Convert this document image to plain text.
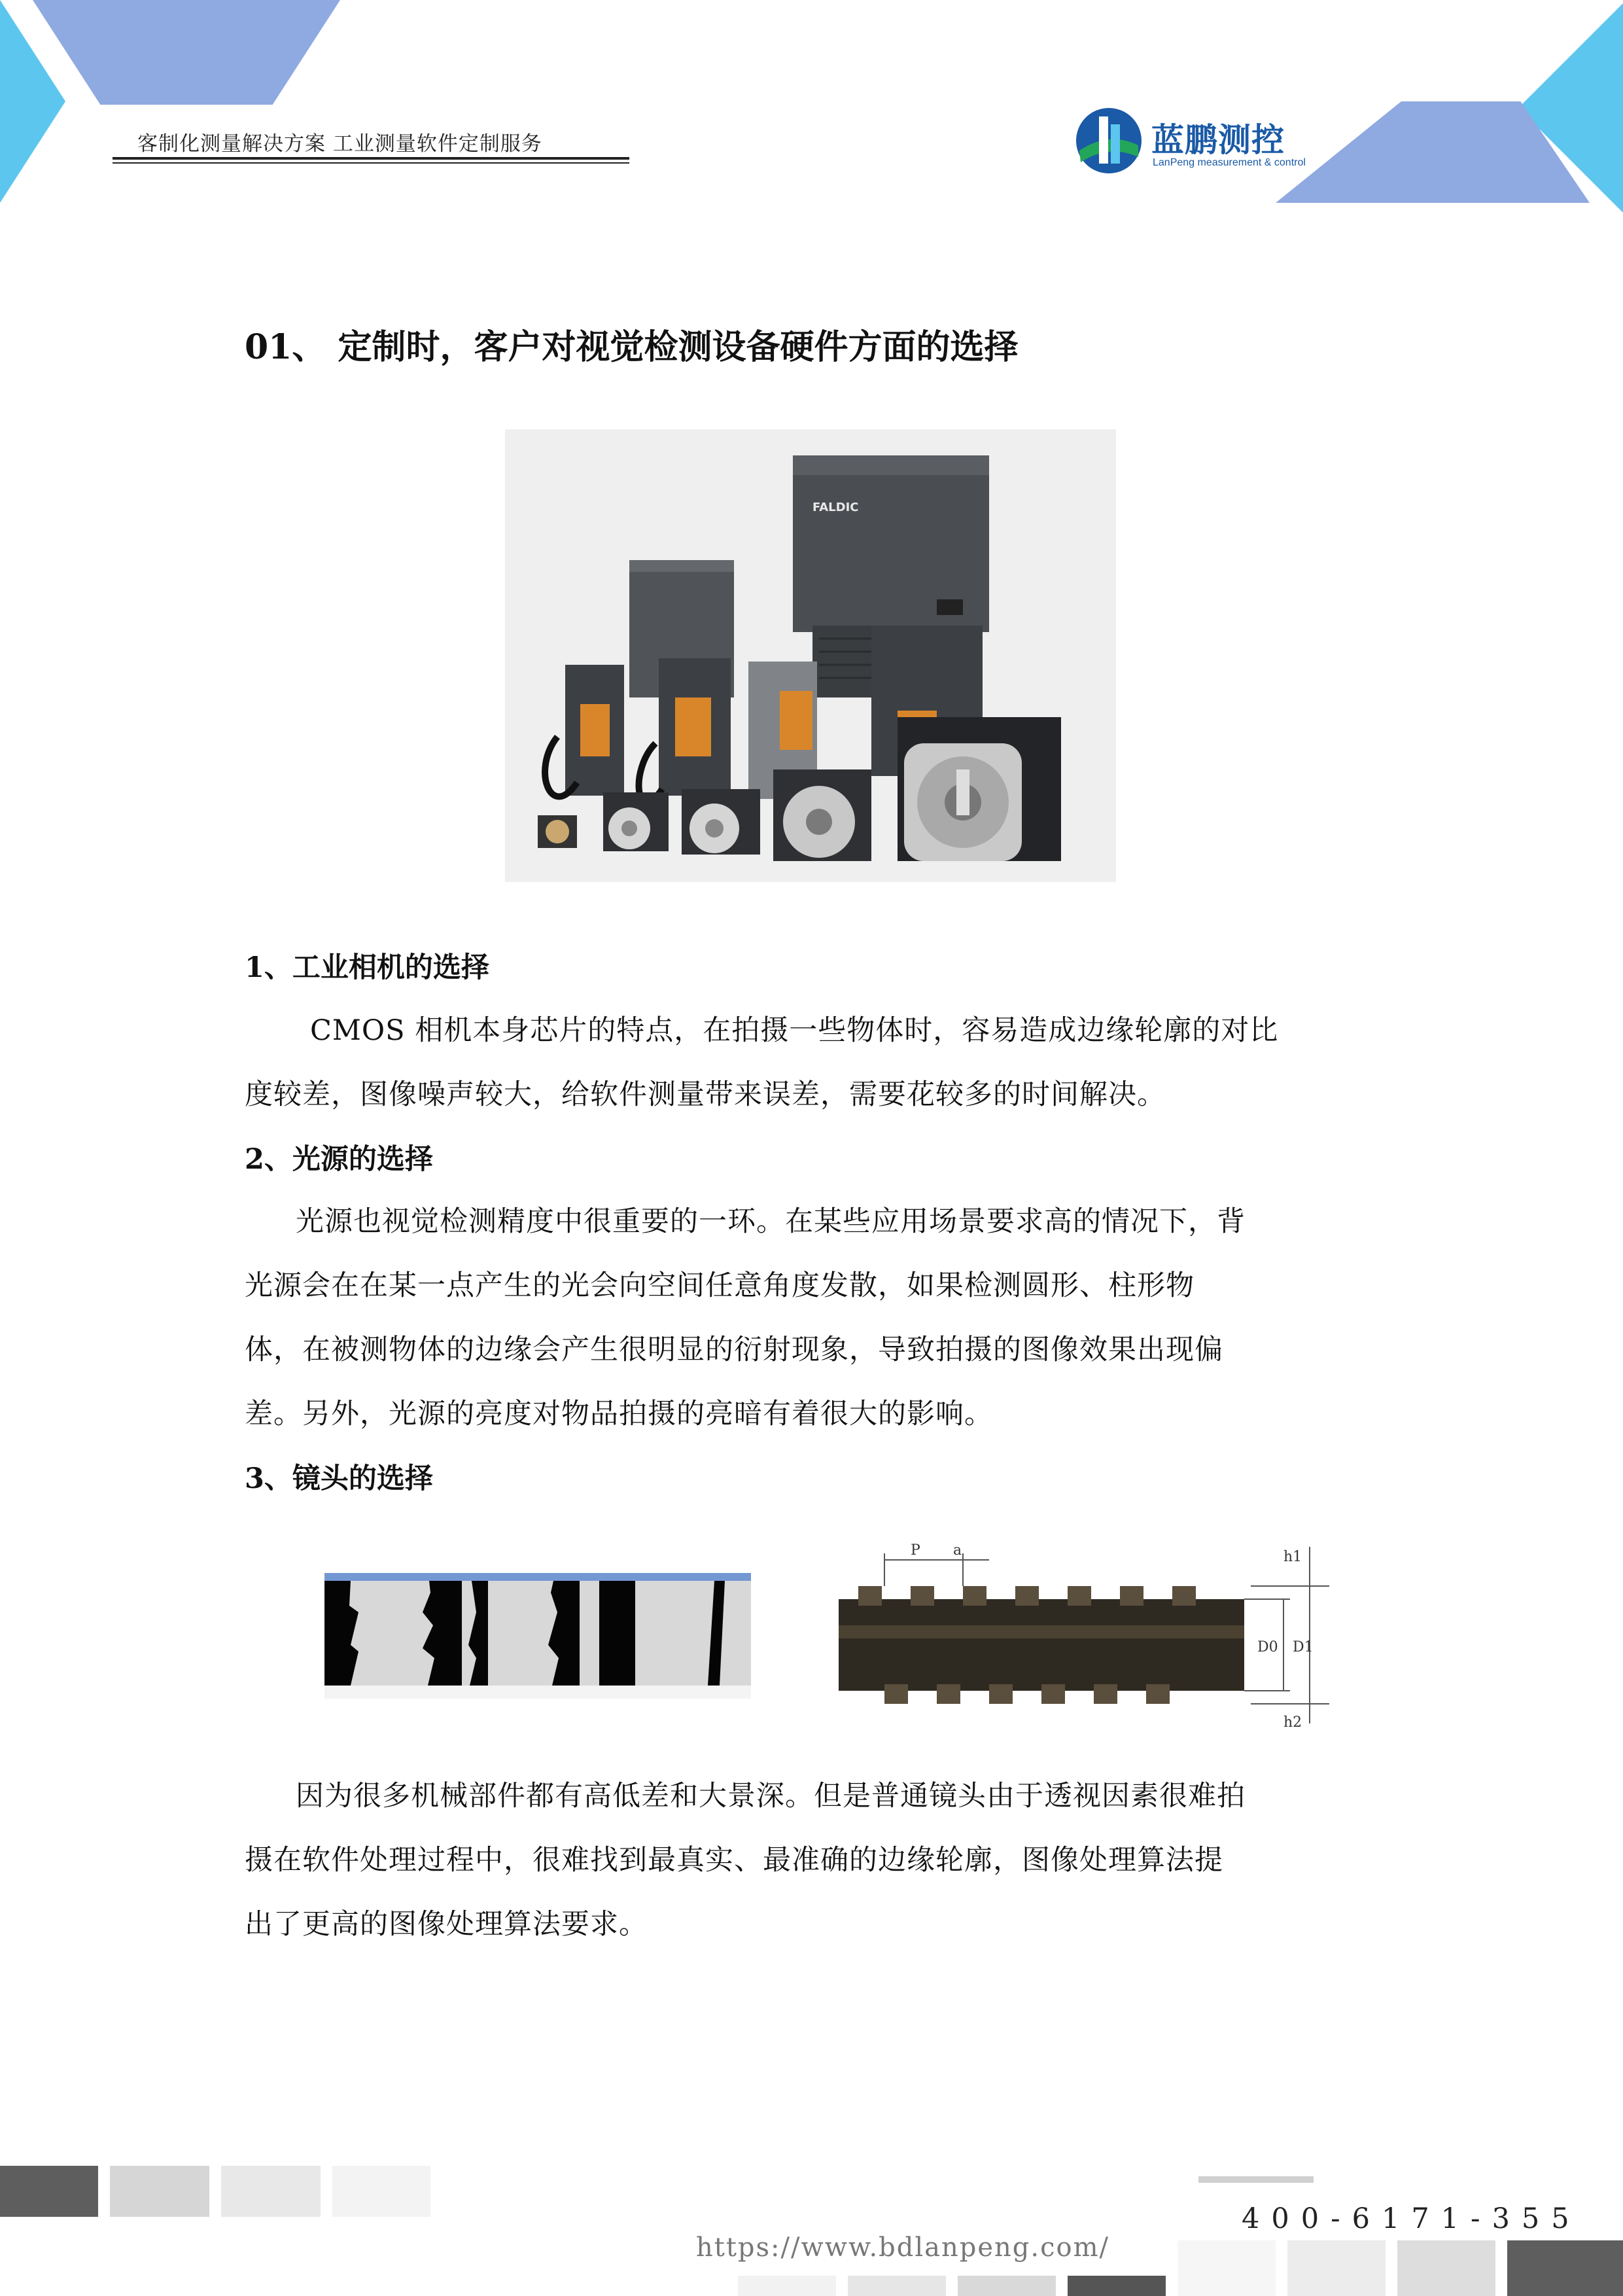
客制化测量解决方案 工业测量软件定制服务	蓝鹏测控
LanPeng measurement & control
01、 定制时，客户对视觉检测设备硬件方面的选择
FALDIC
1、工业相机的选择
CMOS 相机本身芯片的特点，在拍摄一些物体时，容易造成边缘轮廓的对比
度较差，图像噪声较大，给软件测量带来误差，需要花较多的时间解决。
2、光源的选择
光源也视觉检测精度中很重要的一环。在某些应用场景要求高的情况下，背
光源会在在某一点产生的光会向空间任意角度发散，如果检测圆形、柱形物
体，在被测物体的边缘会产生很明显的衍射现象，导致拍摄的图像效果出现偏
差。另外，光源的亮度对物品拍摄的亮暗有着很大的影响。
3、镜头的选择
P a	h1
D0 D1
h2
因为很多机械部件都有高低差和大景深。但是普通镜头由于透视因素很难拍
摄在软件处理过程中，很难找到最真实、最准确的边缘轮廓，图像处理算法提
出了更高的图像处理算法要求。
400-6171-355
https://www.bdlanpeng.com/
